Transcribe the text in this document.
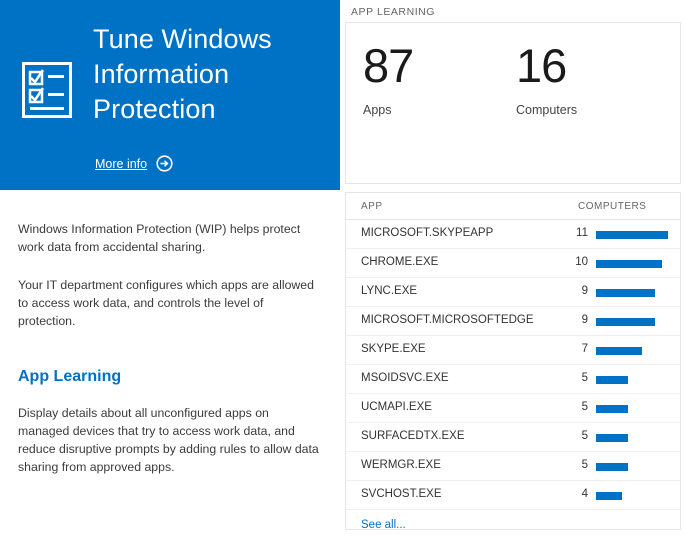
Tune Windows Information Protection
More info

Windows Information Protection (WIP) helps protect work data from accidental sharing.

Your IT department configures which apps are allowed to access work data, and controls the level of protection.

App Learning

Display details about all unconfigured apps on managed devices that try to access work data, and reduce disruptive prompts by adding rules to allow data sharing from approved apps.

APP LEARNING
87
Apps
16
Computers
APP	COMPUTERS
MICROSOFT.SKYPEAPP	11
CHROME.EXE	10
LYNC.EXE	9
MICROSOFT.MICROSOFTEDGE	9
SKYPE.EXE	7
MSOIDSVC.EXE	5
UCMAPI.EXE	5
SURFACEDTX.EXE	5
WERMGR.EXE	5
SVCHOST.EXE	4
See all...
